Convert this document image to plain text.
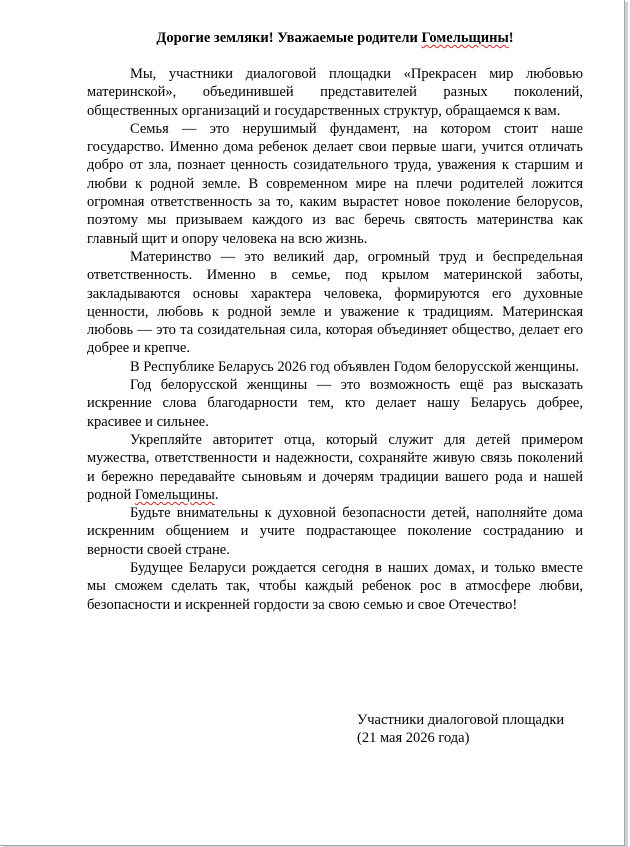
Дорогие земляки! Уважаемые родители Гомельщины!

Мы, участники диалоговой площадки «Прекрасен мир любовью материнской», объединившей представителей разных поколений, общественных организаций и государственных структур, обращаемся к вам.

Семья — это нерушимый фундамент, на котором стоит наше государство. Именно дома ребенок делает свои первые шаги, учится отличать добро от зла, познает ценность созидательного труда, уважения к старшим и любви к родной земле. В современном мире на плечи родителей ложится огромная ответственность за то, каким вырастет новое поколение белорусов, поэтому мы призываем каждого из вас беречь святость материнства как главный щит и опору человека на всю жизнь.

Материнство — это великий дар, огромный труд и беспредельная ответственность. Именно в семье, под крылом материнской заботы, закладываются основы характера человека, формируются его духовные ценности, любовь к родной земле и уважение к традициям. Материнская любовь — это та созидательная сила, которая объединяет общество, делает его добрее и крепче.

В Республике Беларусь 2026 год объявлен Годом белорусской женщины.

Год белорусской женщины — это возможность ещё раз высказать искренние слова благодарности тем, кто делает нашу Беларусь добрее, красивее и сильнее.

Укрепляйте авторитет отца, который служит для детей примером мужества, ответственности и надежности, сохраняйте живую связь поколений и бережно передавайте сыновьям и дочерям традиции вашего рода и нашей родной Гомельщины.

Будьте внимательны к духовной безопасности детей, наполняйте дома искренним общением и учите подрастающее поколение состраданию и верности своей стране.

Будущее Беларуси рождается сегодня в наших домах, и только вместе мы сможем сделать так, чтобы каждый ребенок рос в атмосфере любви, безопасности и искренней гордости за свою семью и свое Отечество!

Участники диалоговой площадки
(21 мая 2026 года)
